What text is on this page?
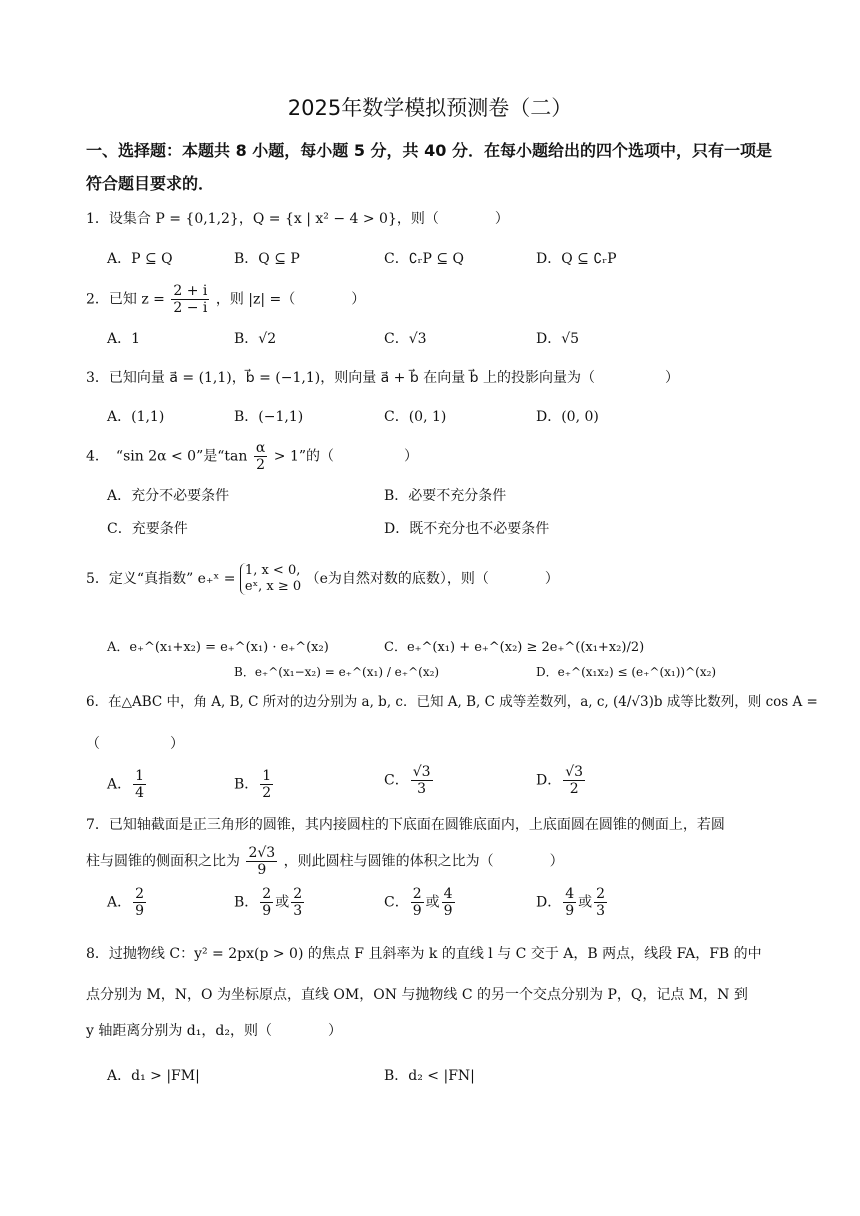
2025年数学模拟预测卷（二）
一、选择题：本题共 8 小题，每小题 5 分，共 40 分．在每小题给出的四个选项中，只有一项是符合题目要求的．
1．设集合 P = {0,1,2}，Q = {x | x² − 4 > 0}，则（　　　　）
A．P ⊆ Q	B．Q ⊆ P	C．∁ᵣP ⊆ Q	D．Q ⊆ ∁ᵣP
2．已知 $z = \frac{2 + i}{2 - i}$ ，则 |z| =（　　　　）
A．1	B．√2	C．√3	D．√5
3．已知向量 a⃗ = (1,1)，b⃗ = (−1,1)，则向量 a⃗ + b⃗ 在向量 b⃗ 上的投影向量为（　　　　　）
A．(1,1)	B．(−1,1)	C．(0, 1)	D．(0, 0)
4．　“sin 2α < 0”是“$\tan \frac{\alpha}{2} > 1$”的（　　　　　）
A．充分不必要条件	B．必要不充分条件
C．充要条件	D．既不充分也不必要条件
5．定义“真指数” e₊ˣ =
1, x < 0,
eˣ, x ≥ 0 （e为自然对数的底数），则（　　　　）
A．e₊^(x₁+x₂) = e₊^(x₁) · e₊^(x₂)
B．e₊^(x₁−x₂) = e₊^(x₁) / e₊^(x₂)
C．e₊^(x₁) + e₊^(x₂) ≥ 2e₊^((x₁+x₂)/2)
D．e₊^(x₁x₂) ≤ (e₊^(x₁))^(x₂)
6．在△ABC 中，角 A, B, C 所对的边分别为 a, b, c．已知 A, B, C 成等差数列，a, c, (4/√3)b 成等比数列，则 cos A =
（　　　　　）
A． $\frac{1}{4}$	B． $\frac{1}{2}$	C． $\frac{√3}{3}$	D． $\frac{√3}{2}$
7．已知轴截面是正三角形的圆锥，其内接圆柱的下底面在圆锥底面内，上底面圆在圆锥的侧面上，若圆
柱与圆锥的侧面积之比为 $\frac{2√3}{9}$ ，则此圆柱与圆锥的体积之比为（　　　　）
A． $\frac{2}{9}$	B． $\frac{2}{9}$ 或 $\frac{2}{3}$	C． $\frac{2}{9}$ 或 $\frac{4}{9}$	D． $\frac{4}{9}$ 或 $\frac{2}{3}$
8．过抛物线 C：y² = 2px(p > 0) 的焦点 F 且斜率为 k 的直线 l 与 C 交于 A，B 两点，线段 FA，FB 的中
点分别为 M，N，O 为坐标原点，直线 OM，ON 与抛物线 C 的另一个交点分别为 P，Q，记点 M，N 到
y 轴距离分别为 d₁，d₂，则（　　　　）
A．d₁ > |FM|	B．d₂ < |FN|
